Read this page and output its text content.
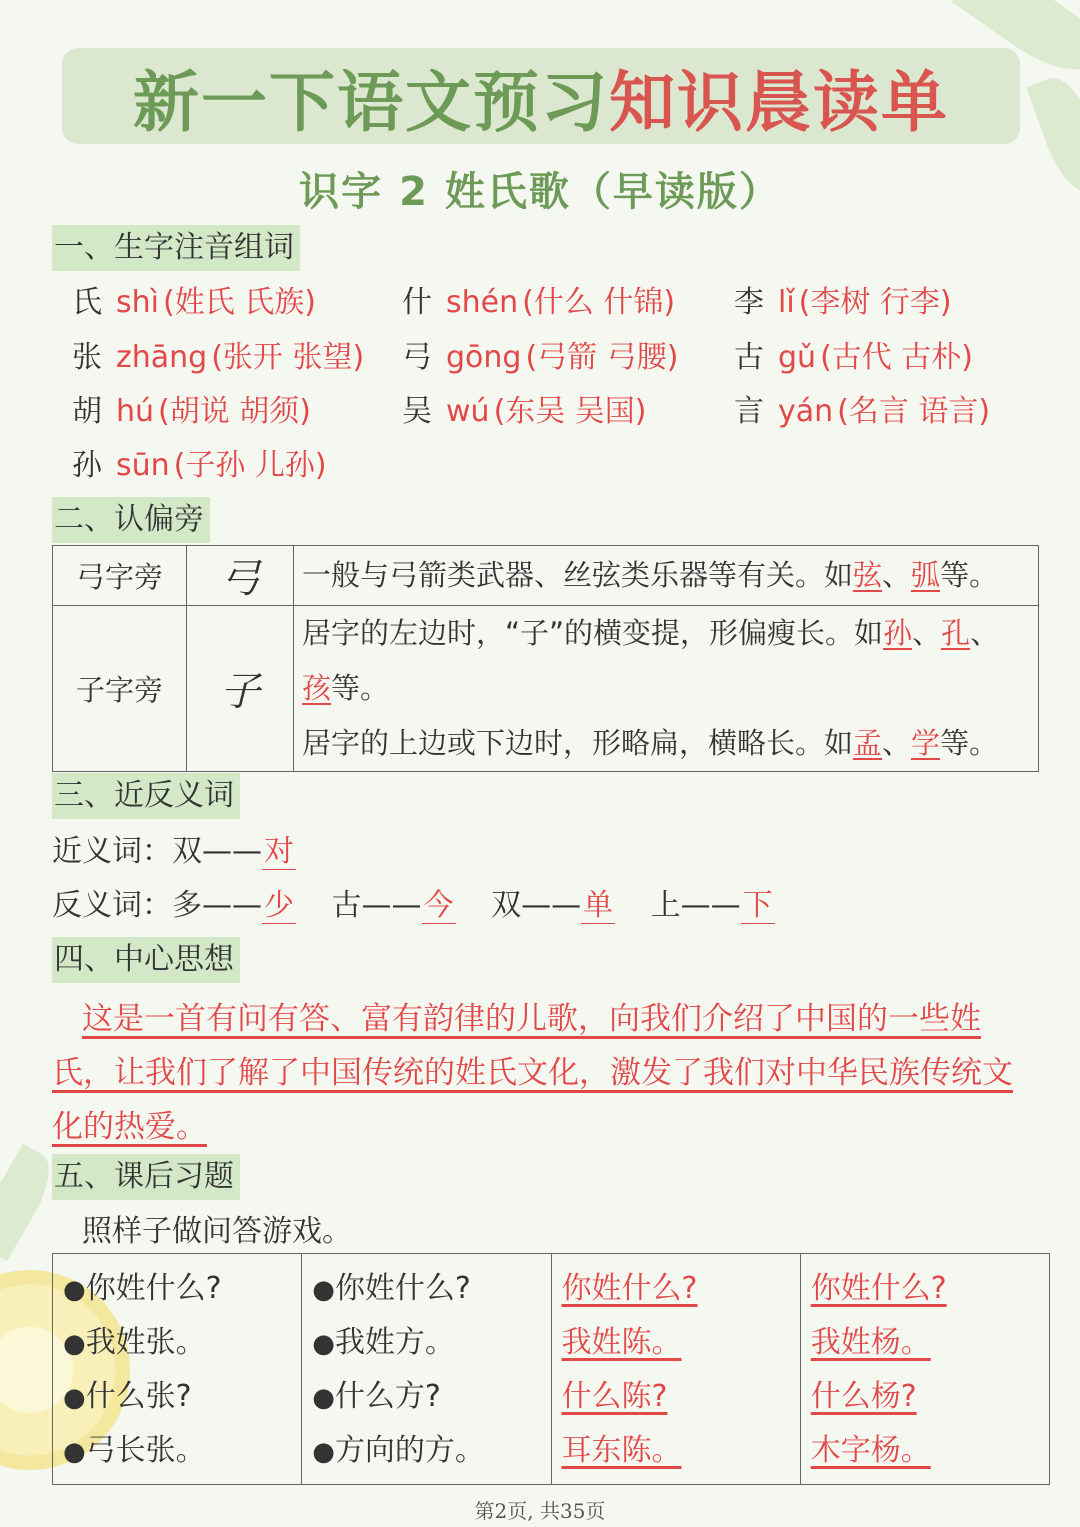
新一下语文预习知识晨读单
识字 2 姓氏歌（早读版）
一、生字注音组词
氏 shì (姓氏 氏族)	什 shén (什么 什锦) 李 lǐ (李树 行李)
张 zhāng (张开 张望) 弓 gōng (弓箭 弓腰) 古 gǔ (古代 古朴)
胡 hú (胡说 胡须)	吴 wú (东吴 吴国)	言 yán (名言 语言)
孙 sūn (子孙 儿孙)
二、认偏旁
弓字旁	弓	一般与弓箭类武器、丝弦类乐器等有关。如弦、弧等。
子字旁	子	居字的左边时，“子”的横变提，形偏瘦长。如孙、孔、
孩等。
居字的上边或下边时，形略扁，横略长。如孟、学等。
三、近反义词
近义词：双——对
反义词：多——少 古——今 双——单 上——下
四、中心思想
这是一首有问有答、富有韵律的儿歌，向我们介绍了中国的一些姓氏，让我们了解了中国传统的姓氏文化，激发了我们对中华民族传统文化的热爱。
五、课后习题
照样子做问答游戏。
●你姓什么?
●我姓张。
●什么张?
●弓长张。

●你姓什么?
●我姓方。
●什么方?
●方向的方。

你姓什么?
我姓陈。
什么陈?
耳东陈。

你姓什么?
我姓杨。
什么杨?
木字杨。
第2页, 共35页
